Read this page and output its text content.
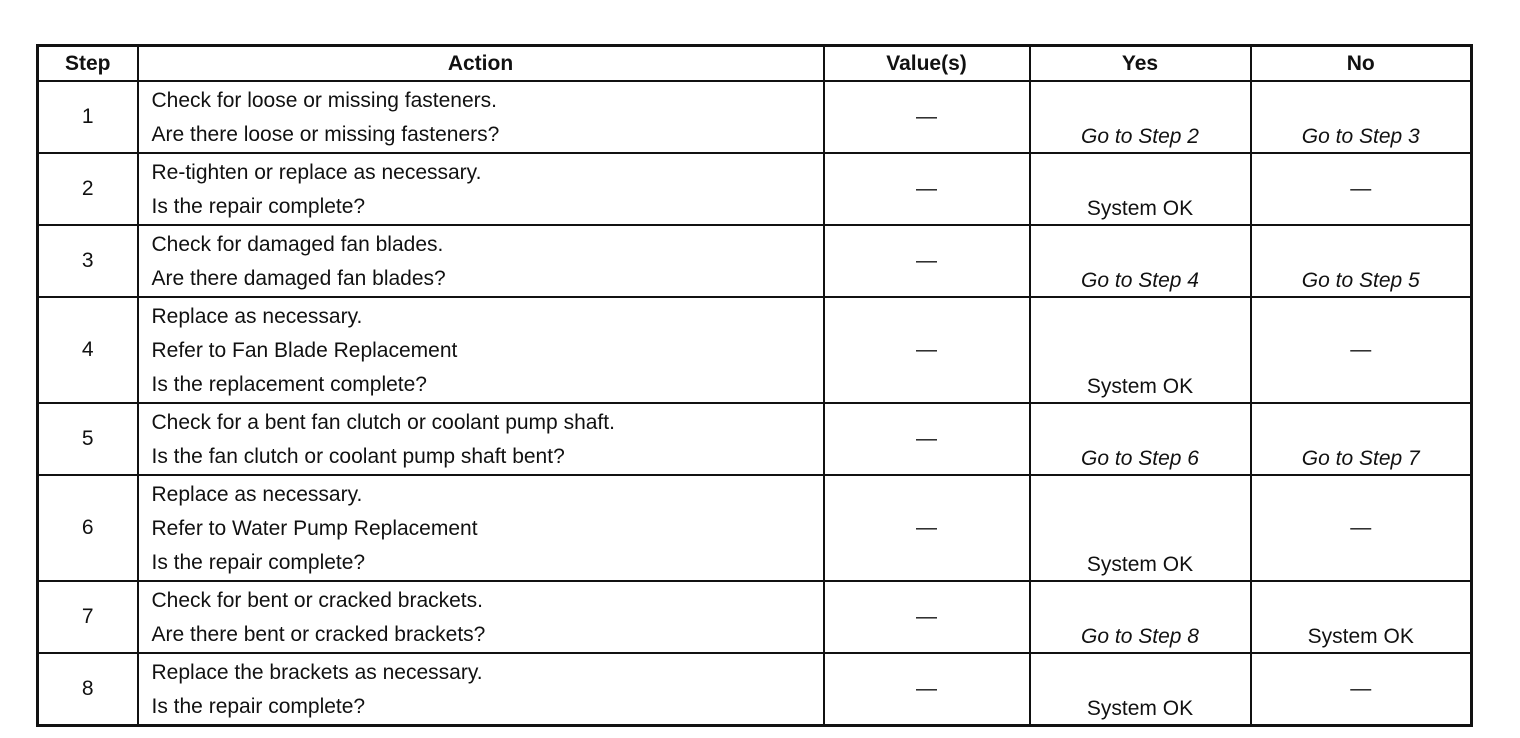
Step	Action	Value(s)	Yes	No
1	Check for loose or missing fasteners.
Are there loose or missing fasteners?	—	Go to Step 2	Go to Step 3
2	Re-tighten or replace as necessary.
Is the repair complete?	—	System OK	—
3	Check for damaged fan blades.
Are there damaged fan blades?	—	Go to Step 4	Go to Step 5
4	Replace as necessary.
Refer to Fan Blade Replacement
Is the replacement complete?	—	System OK	—
5	Check for a bent fan clutch or coolant pump shaft.
Is the fan clutch or coolant pump shaft bent?	—	Go to Step 6	Go to Step 7
6	Replace as necessary.
Refer to Water Pump Replacement
Is the repair complete?	—	System OK	—
7	Check for bent or cracked brackets.
Are there bent or cracked brackets?	—	Go to Step 8	System OK
8	Replace the brackets as necessary.
Is the repair complete?	—	System OK	—
